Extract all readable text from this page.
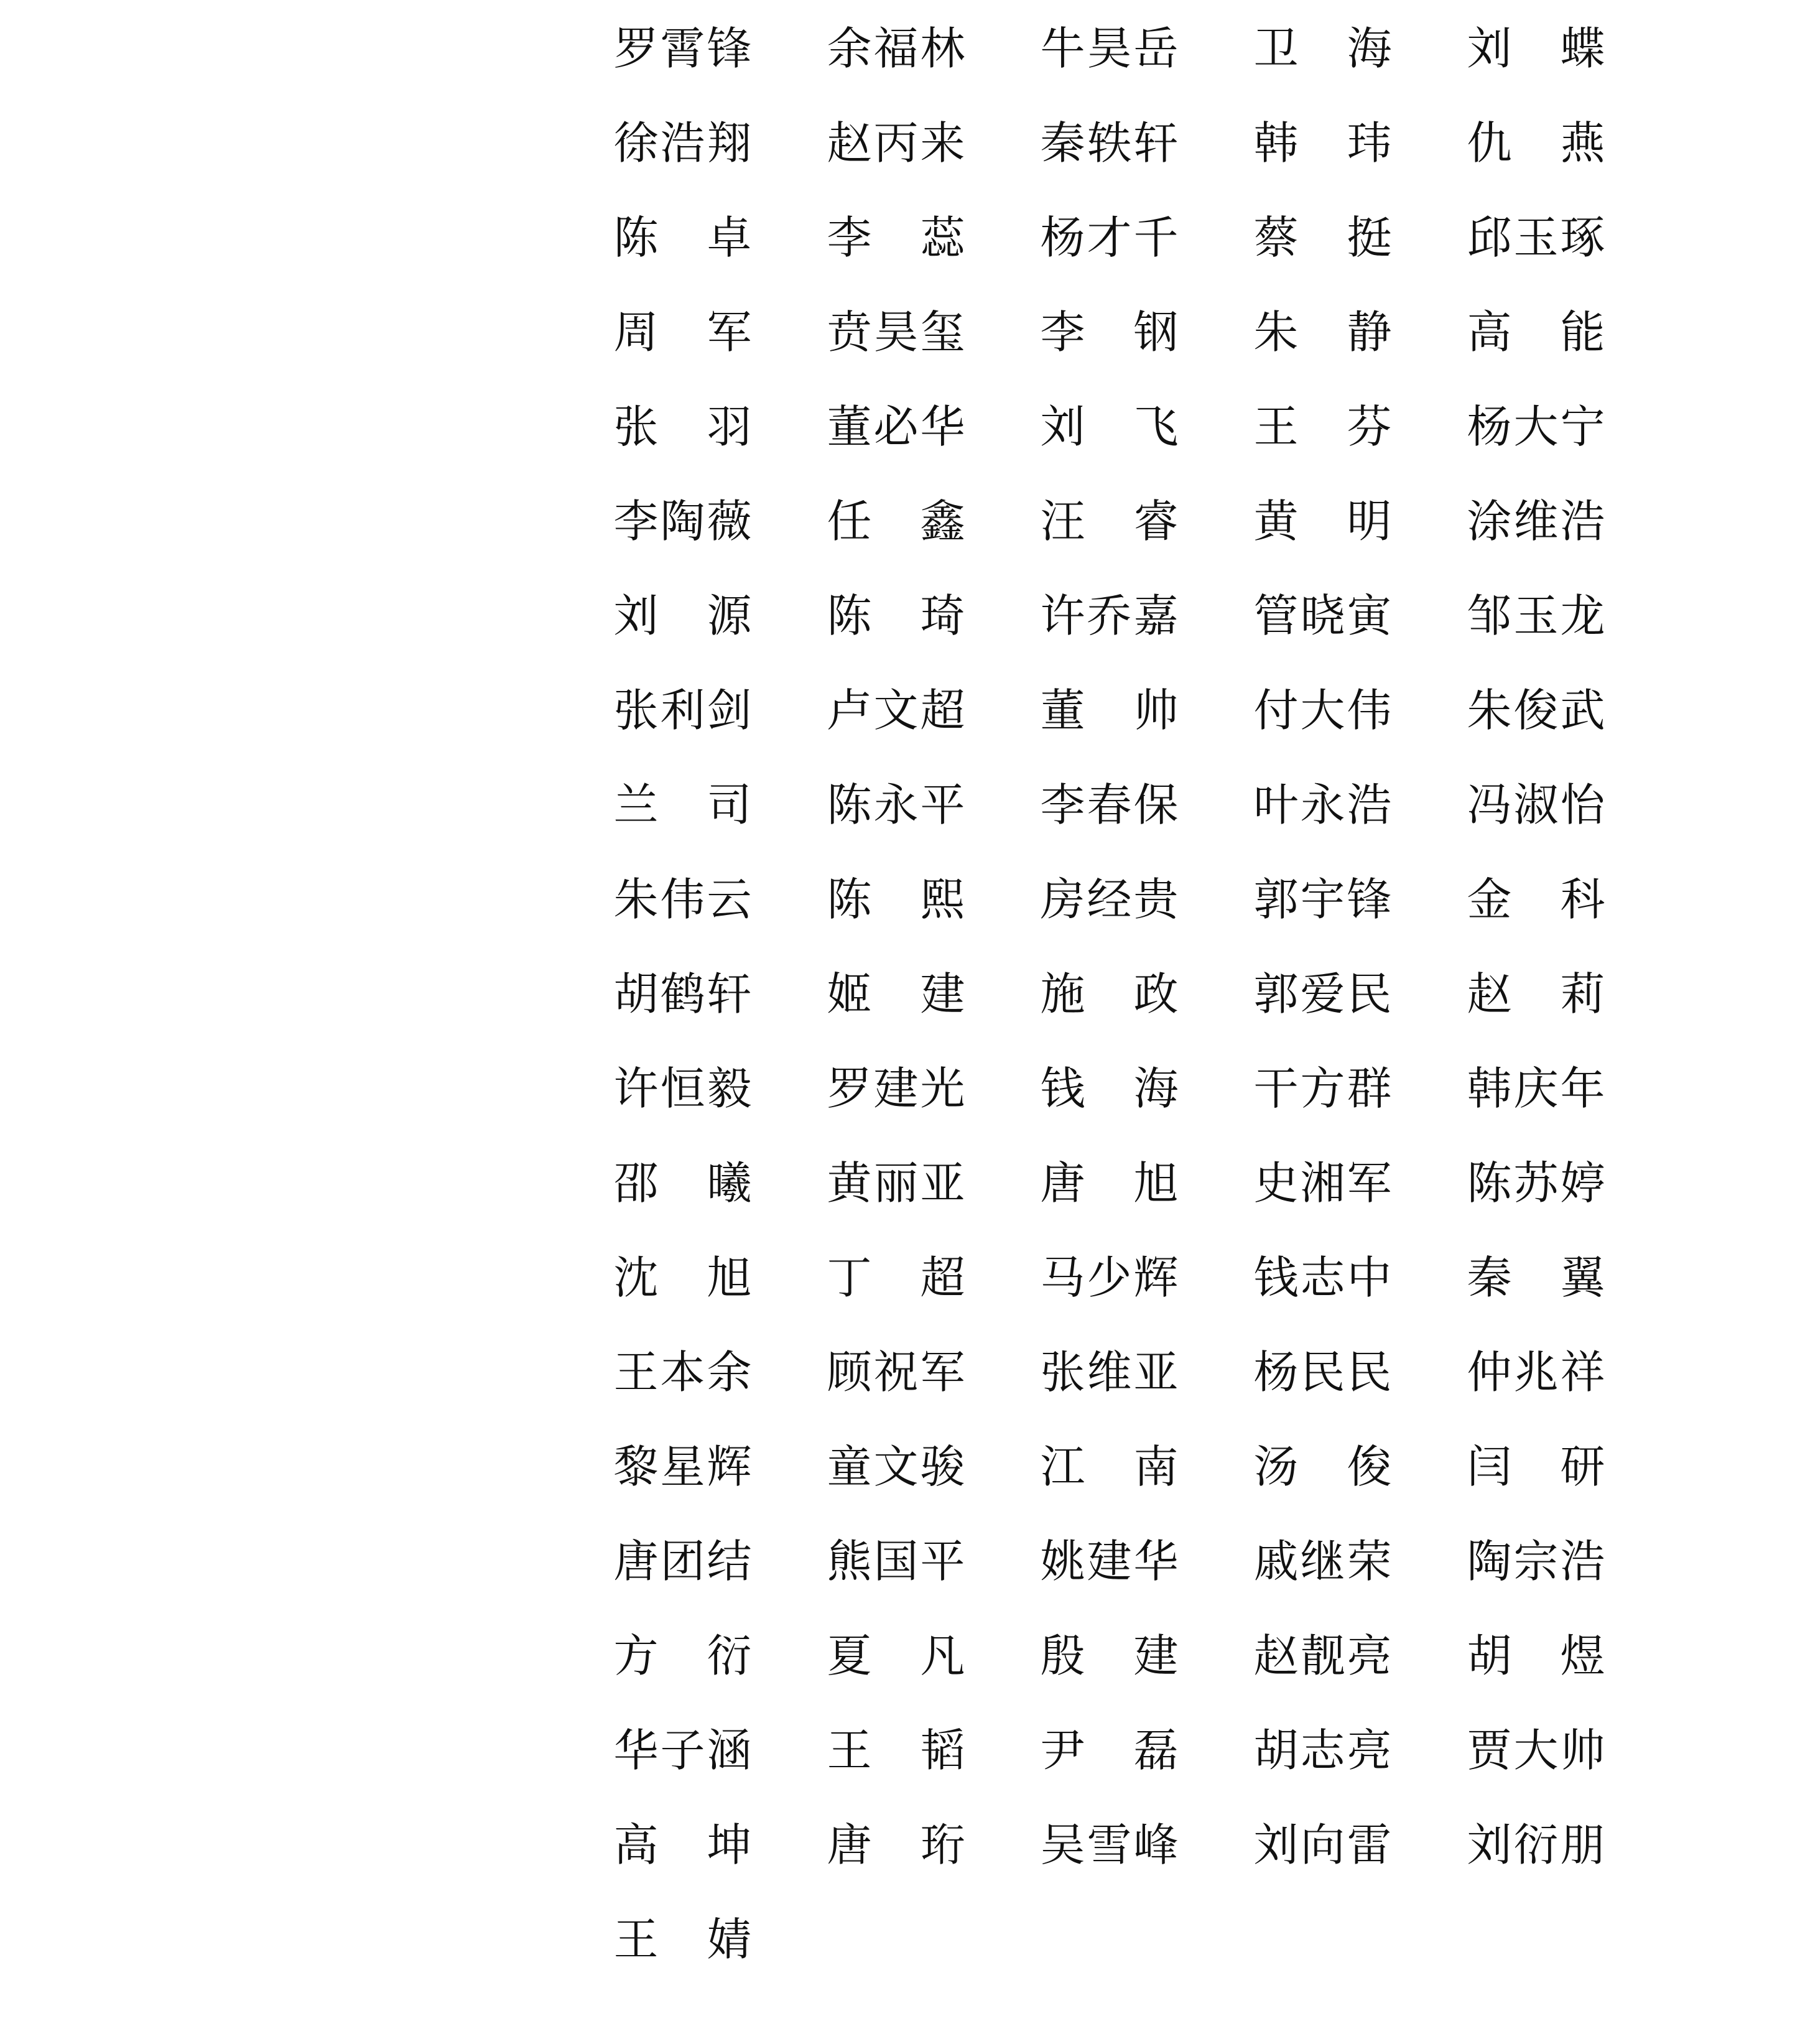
罗 霄 锋 余 福 林 牛 昊 岳 卫 海 刘 蝶
徐 浩 翔 赵 丙 来 秦 轶 轩 韩 玮 仇 燕
陈 卓 李 蕊 杨 才 千 蔡 挺 邱 玉 琢
周 军 贲 昊 玺 李 钢 朱 静 高 能
张 羽 董 必 华 刘 飞 王 芬 杨 大 宁
李 陶 薇 任 鑫 汪 睿 黄 明 涂 维 浩
刘 源 陈 琦 许 乔 嘉 管 晓 寅 邹 玉 龙
张 利 剑 卢 文 超 董 帅 付 大 伟 朱 俊 武
兰 司 陈 永 平 李 春 保 叶 永 浩 冯 淑 怡
朱 伟 云 陈 熙 房 经 贵 郭 宇 锋 金 科
胡 鹤 轩 姬 建 施 政 郭 爱 民 赵 莉
许 恒 毅 罗 建 光 钱 海 干 方 群 韩 庆 年
邵 曦 黄 丽 亚 唐 旭 史 湘 军 陈 苏 婷
沈 旭 丁 超 马 少 辉 钱 志 中 秦 翼
王 本 余 顾 祝 军 张 维 亚 杨 民 民 仲 兆 祥
黎 星 辉 童 文 骏 江 南 汤 俊 闫 研
唐 团 结 熊 国 平 姚 建 华 戚 继 荣 陶 宗 浩
方 衍 夏 凡 殷 建 赵 靓 亮 胡 煜
华 子 涵 王 韬 尹 磊 胡 志 亮 贾 大 帅
高 坤 唐 珩 吴 雪 峰 刘 向 雷 刘 衍 朋
王 婧
